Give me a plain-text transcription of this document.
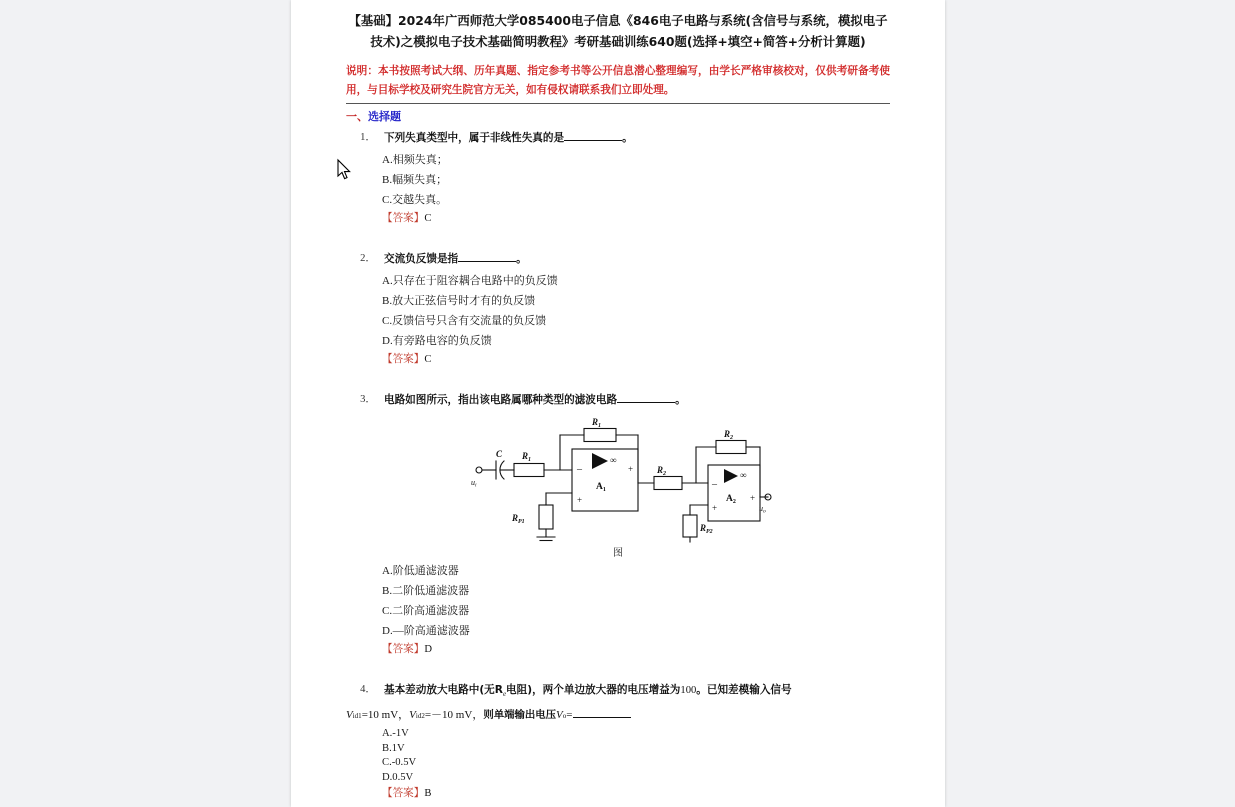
【基础】2024年广西师范大学085400电子信息《846电子电路与系统(含信号与系统，模拟电子技术)之模拟电子技术基础简明教程》考研基础训练640题(选择+填空+简答+分析计算题)
说明：本书按照考试大纲、历年真题、指定参考书等公开信息潜心整理编写，由学长严格审核校对，仅供考研备考使用，与目标学校及研究生院官方无关，如有侵权请联系我们立即处理。
一、选择题
1． 下列失真类型中，属于非线性失真的是	。
A.相频失真；
B.幅频失真；
C.交越失真。
【答案】C
2． 交流负反馈是指	。
A.只存在于阻容耦合电路中的负反馈
B.放大正弦信号时才有的负反馈
C.反馈信号只含有交流量的负反馈
D.有旁路电容的负反馈
【答案】C
3． 电路如图所示，指出该电路属哪种类型的滤波电路	。
ui
C $R_1$
$R_1$
$R_2$
$R_2$
∞
∞
–
+
+
$A_1$	–
+
+
$A_2$
$R_{P1}$
$R_{P2}$
uo
图
A.阶低通滤波器
B.二阶低通滤波器
C.二阶高通滤波器
D.—阶高通滤波器
【答案】D
4． 基本差动放大电路中(无$R_e$电阻)，两个单边放大器的电压增益为100。已知差模输入信号
V id1 =10 mV ， V id2 =－10 mV ， 则单端输出电压 V o =
A.-1V
B.1V
C.-0.5V
D.0.5V
【答案】B
